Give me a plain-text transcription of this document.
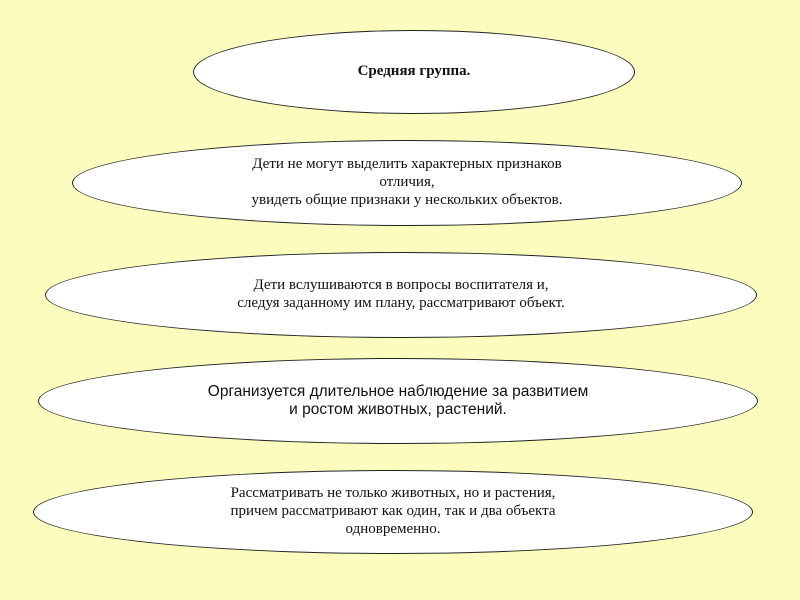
Средняя группа.
Дети не могут выделить характерных признаков
отличия,
увидеть общие признаки у нескольких объектов.
Дети вслушиваются в вопросы воспитателя и,
следуя заданному им плану, рассматривают объект.
Организуется длительное наблюдение за развитием
и ростом животных, растений.
Рассматривать не только животных, но и растения,
причем рассматривают как один, так и два объекта
одновременно.
